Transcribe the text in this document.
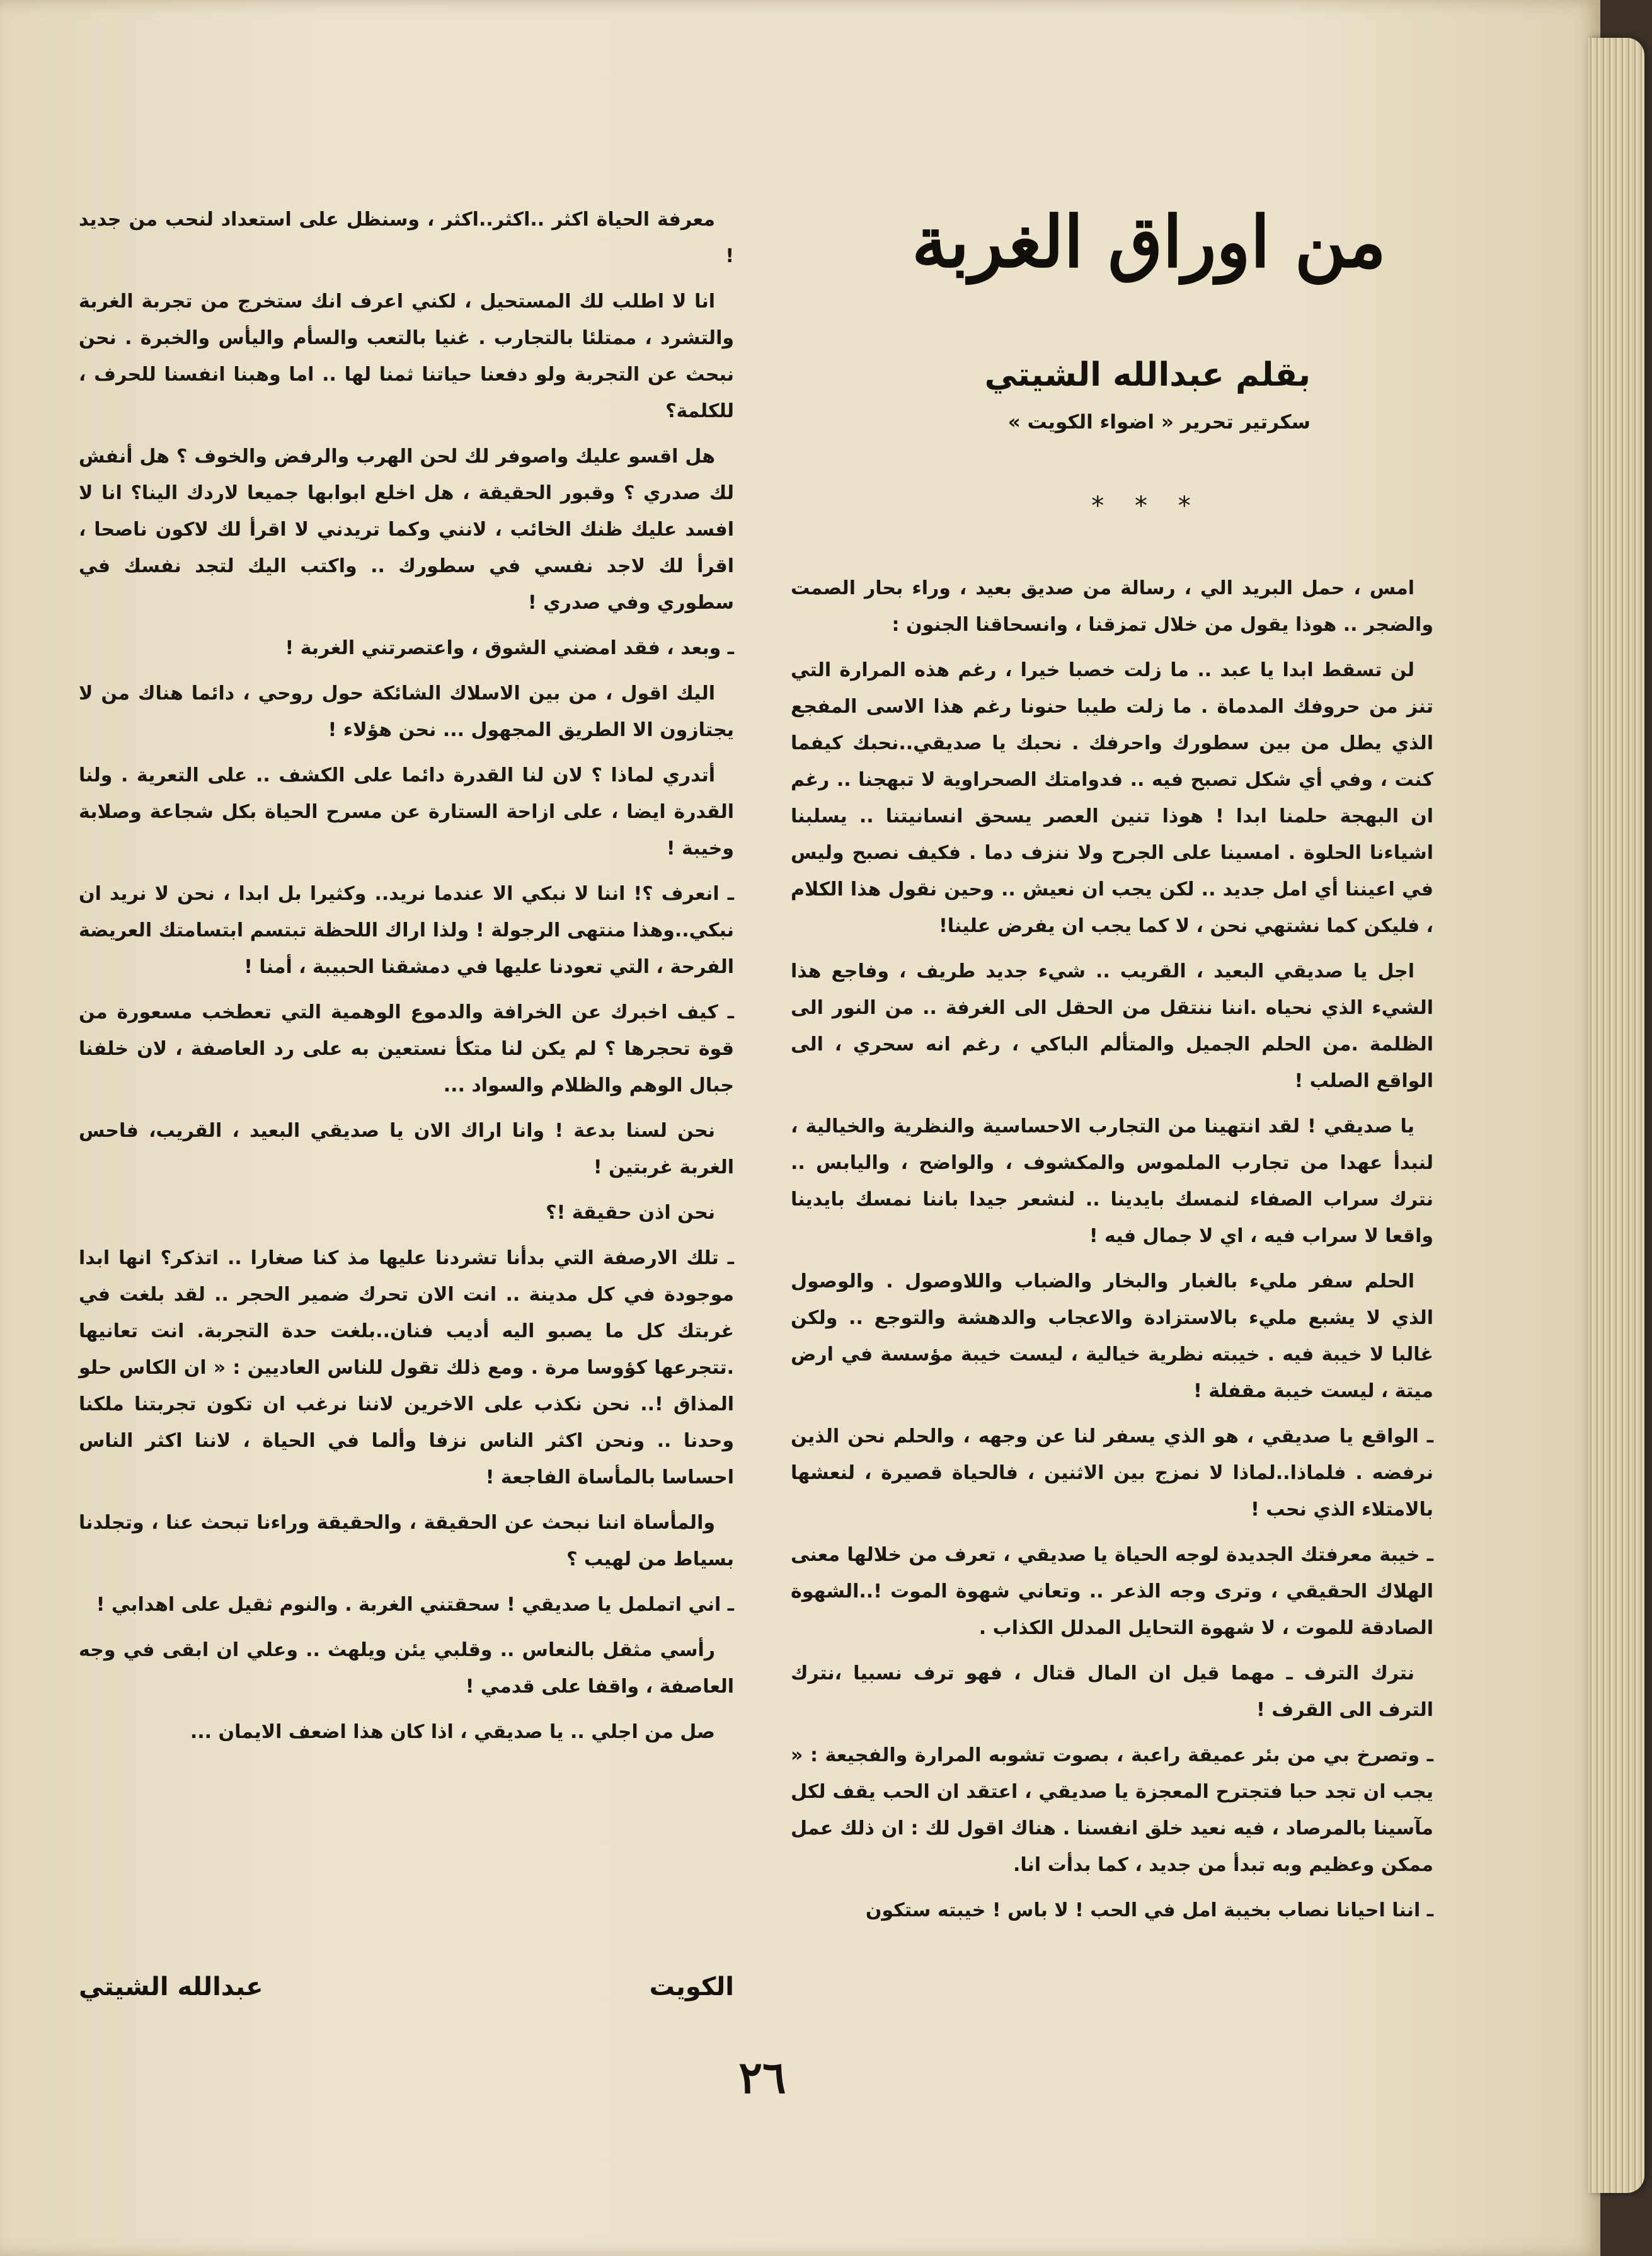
من اوراق الغربة
بقلم عبدالله الشيتي
سكرتير تحرير « اضواء الكويت »
* * *

امس ، حمل البريد الي ، رسالة من صديق بعيد ، وراء بحار الصمت والضجر .. هوذا يقول من خلال تمزقنا ، وانسحاقنا الجنون :

لن تسقط ابدا يا عبد .. ما زلت خصبا خيرا ، رغم هذه المرارة التي تنز من حروفك المدماة . ما زلت طيبا حنونا رغم هذا الاسى المفجع الذي يطل من بين سطورك واحرفك . نحبك يا صديقي..نحبك كيفما كنت ، وفي أي شكل تصبح فيه .. فدوامتك الصحراوية لا تبهجنا .. رغم ان البهجة حلمنا ابدا ! هوذا تنين العصر يسحق انسانيتنا .. يسلبنا اشياءنا الحلوة . امسينا على الجرح ولا ننزف دما . فكيف نصبح وليس في اعيننا أي امل جديد .. لكن يجب ان نعيش .. وحين نقول هذا الكلام ، فليكن كما نشتهي نحن ، لا كما يجب ان يفرض علينا!

اجل يا صديقي البعيد ، القريب .. شيء جديد طريف ، وفاجع هذا الشيء الذي نحياه .اننا ننتقل من الحقل الى الغرفة .. من النور الى الظلمة .من الحلم الجميل والمتألم الباكي ، رغم انه سحري ، الى الواقع الصلب !

يا صديقي ! لقد انتهينا من التجارب الاحساسية والنظرية والخيالية ، لنبدأ عهدا من تجارب الملموس والمكشوف ، والواضح ، واليابس .. نترك سراب الصفاء لنمسك بايدينا .. لنشعر جيدا باننا نمسك بايدينا واقعا لا سراب فيه ، اي لا جمال فيه !

الحلم سفر مليء بالغبار والبخار والضباب واللاوصول . والوصول الذي لا يشبع مليء بالاستزادة والاعجاب والدهشة والتوجع .. ولكن غالبا لا خيبة فيه . خيبته نظرية خيالية ، ليست خيبة مؤسسة في ارض ميتة ، ليست خيبة مقفلة !

ـ الواقع يا صديقي ، هو الذي يسفر لنا عن وجهه ، والحلم نحن الذين نرفضه . فلماذا..لماذا لا نمزج بين الاثنين ، فالحياة قصيرة ، لنعشها بالامتلاء الذي نحب !

ـ خيبة معرفتك الجديدة لوجه الحياة يا صديقي ، تعرف من خلالها معنى الهلاك الحقيقي ، وترى وجه الذعر .. وتعاني شهوة الموت !..الشهوة الصادقة للموت ، لا شهوة التحايل المدلل الكذاب .

نترك الترف ـ مهما قيل ان المال قتال ، فهو ترف نسبيا ،نترك الترف الى القرف !

ـ وتصرخ بي من بئر عميقة راعبة ، بصوت تشوبه المرارة والفجيعة : « يجب ان تجد حبا فتجترح المعجزة يا صديقي ، اعتقد ان الحب يقف لكل مآسينا بالمرصاد ، فيه نعيد خلق انفسنا . هناك اقول لك : ان ذلك عمل ممكن وعظيم وبه تبدأ من جديد ، كما بدأت انا.

ـ اننا احيانا نصاب بخيبة امل في الحب ! لا باس ! خيبته ستكون

معرفة الحياة اكثر ..اكثر..اكثر ، وسنظل على استعداد لنحب من جديد !

انا لا اطلب لك المستحيل ، لكني اعرف انك ستخرج من تجربة الغربة والتشرد ، ممتلئا بالتجارب . غنيا بالتعب والسأم واليأس والخبرة . نحن نبحث عن التجربة ولو دفعنا حياتنا ثمنا لها .. اما وهبنا انفسنا للحرف ، للكلمة؟

هل اقسو عليك واصوفر لك لحن الهرب والرفض والخوف ؟ هل أنفش لك صدري ؟ وقبور الحقيقة ، هل اخلع ابوابها جميعا لاردك الينا؟ انا لا افسد عليك ظنك الخائب ، لانني وكما تريدني لا اقرأ لك لاكون ناصحا ، اقرأ لك لاجد نفسي في سطورك .. واكتب اليك لتجد نفسك في سطوري وفي صدري !

ـ وبعد ، فقد امضني الشوق ، واعتصرتني الغربة !

اليك اقول ، من بين الاسلاك الشائكة حول روحي ، دائما هناك من لا يجتازون الا الطريق المجهول ... نحن هؤلاء !

أتدري لماذا ؟ لان لنا القدرة دائما على الكشف .. على التعرية . ولنا القدرة ايضا ، على ازاحة الستارة عن مسرح الحياة بكل شجاعة وصلابة وخيبة !

ـ انعرف ؟! اننا لا نبكي الا عندما نريد.. وكثيرا بل ابدا ، نحن لا نريد ان نبكي..وهذا منتهى الرجولة ! ولذا اراك اللحظة تبتسم ابتسامتك العريضة الفرحة ، التي تعودنا عليها في دمشقنا الحبيبة ، أمنا !

ـ كيف اخبرك عن الخرافة والدموع الوهمية التي تعطخب مسعورة من قوة تحجرها ؟ لم يكن لنا متكأ نستعين به على رد العاصفة ، لان خلفنا جبال الوهم والظلام والسواد ...

نحن لسنا بدعة ! وانا اراك الان يا صديقي البعيد ، القريب، فاحس الغربة غربتين !

نحن اذن حقيقة !؟

ـ تلك الارصفة التي بدأنا تشردنا عليها مذ كنا صغارا .. اتذكر؟ انها ابدا موجودة في كل مدينة .. انت الان تحرك ضمير الحجر .. لقد بلغت في غربتك كل ما يصبو اليه أديب فنان..بلغت حدة التجربة. انت تعانيها .تتجرعها كؤوسا مرة . ومع ذلك تقول للناس العاديين : « ان الكاس حلو المذاق !.. نحن نكذب على الاخرين لاننا نرغب ان تكون تجربتنا ملكنا وحدنا .. ونحن اكثر الناس نزفا وألما في الحياة ، لاننا اكثر الناس احساسا بالمأساة الفاجعة !

والمأساة اننا نبحث عن الحقيقة ، والحقيقة وراءنا تبحث عنا ، وتجلدنا بسياط من لهيب ؟

ـ اني اتململ يا صديقي ! سحقتني الغربة . والنوم ثقيل على اهدابي !

رأسي مثقل بالنعاس .. وقلبي يئن ويلهث .. وعلي ان ابقى في وجه العاصفة ، واقفا على قدمي !

صل من اجلي .. يا صديقي ، اذا كان هذا اضعف الايمان ...

الكويت
عبدالله الشيتي
٢٦
